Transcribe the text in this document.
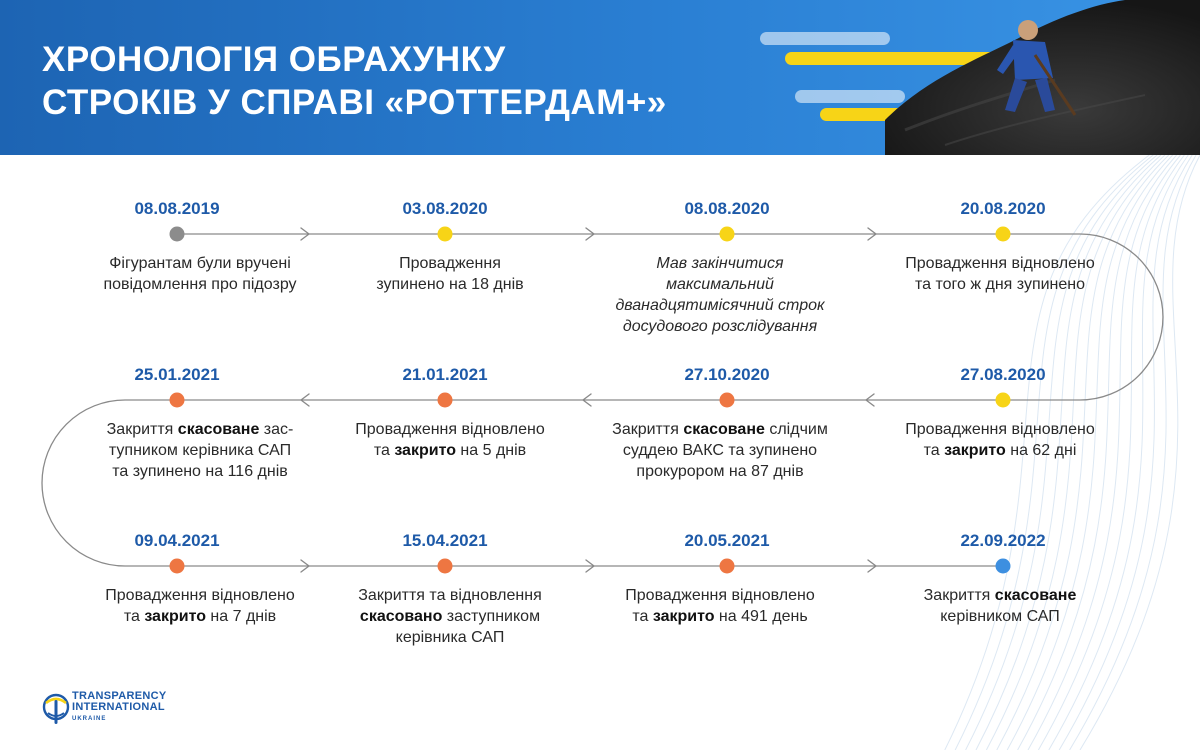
ХРОНОЛОГІЯ ОБРАХУНКУ
СТРОКІВ У СПРАВІ «РОТТЕРДАМ+»
08.08.2019
Фігурантам були вручені
повідомлення про підозру
03.08.2020
Провадження
зупинено на 18 днів
08.08.2020
Мав закінчитися максимальний
дванадцятимісячний строк
досудового розслідування
20.08.2020
Провадження відновлено
та того ж дня зупинено
27.08.2020
Провадження відновлено
та закрито на 62 дні
27.10.2020
Закриття скасоване слідчим
суддею ВАКС та зупинено
прокурором на 87 днів
21.01.2021
Провадження відновлено
та закрито на 5 днів
25.01.2021
Закриття скасоване зас-
тупником керівника САП
та зупинено на 116 днів
09.04.2021
Провадження відновлено
та закрито на 7 днів
15.04.2021
Закриття та відновлення
скасовано заступником
керівника САП
20.05.2021
Провадження відновлено
та закрито на 491 день
22.09.2022
Закриття скасоване
керівником САП
TRANSPARENCY
INTERNATIONAL
UKRAINE
